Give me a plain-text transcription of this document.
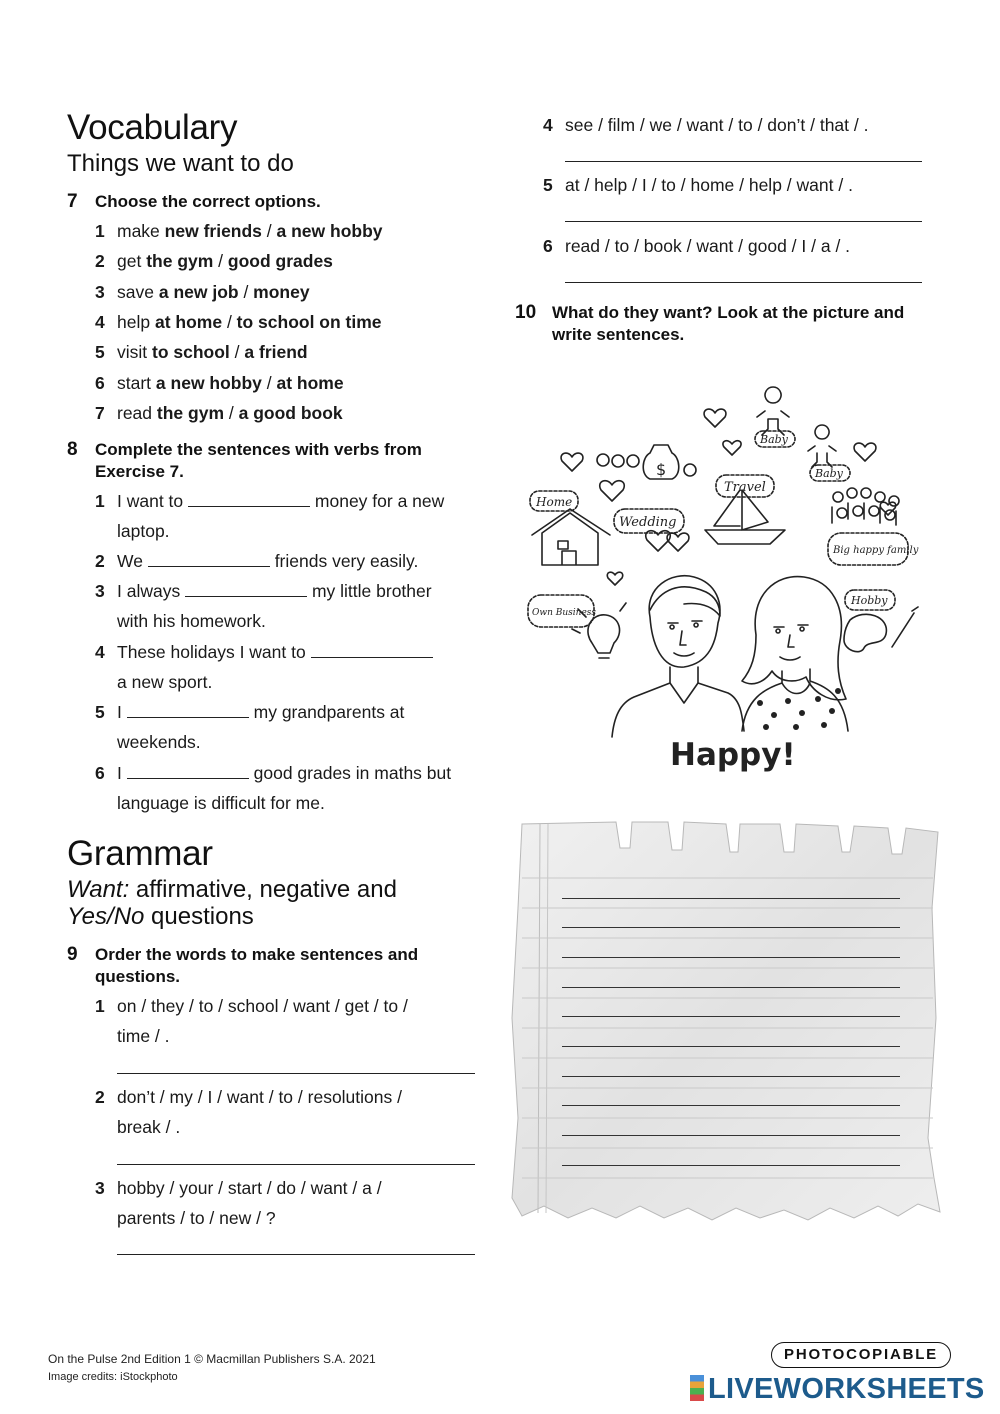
Vocabulary
Things we want to do
7 Choose the correct options.
1 make new friends / a new hobby
2 get the gym / good grades
3 save a new job / money
4 help at home / to school on time
5 visit to school / a friend
6 start a new hobby / at home
7 read the gym / a good book
8 Complete the sentences with verbs from
Exercise 7.
1 I want to	money for a new
laptop.
2 We	friends very easily.
3 I always	my little brother
with his homework.
4 These holidays I want to
a new sport.
5 I	my grandparents at
weekends.
6 I	good grades in maths but
language is difficult for me.
Grammar
Want: affirmative, negative and
Yes/No questions
9 Order the words to make sentences and
questions.
1 on / they / to / school / want / get / to /
time / .
2 don’t / my / I / want / to / resolutions /
break / .
3 hobby / your / start / do / want / a /
parents / to / new / ?
4 see / film / we / want / to / don’t / that / .
5 at / help / I / to / home / help / want / .
6 read / to / book / want / good / I / a / .
10 What do they want? Look at the picture and
write sentences.
$
Baby
Baby
Travel
Home
Wedding
Big happy family
Hobby
Own Business
Happy!
On the Pulse 2nd Edition 1 © Macmillan Publishers S.A. 2021
Image credits: iStockphoto
PHOTOCOPIABLE
LIVEWORKSHEETS
